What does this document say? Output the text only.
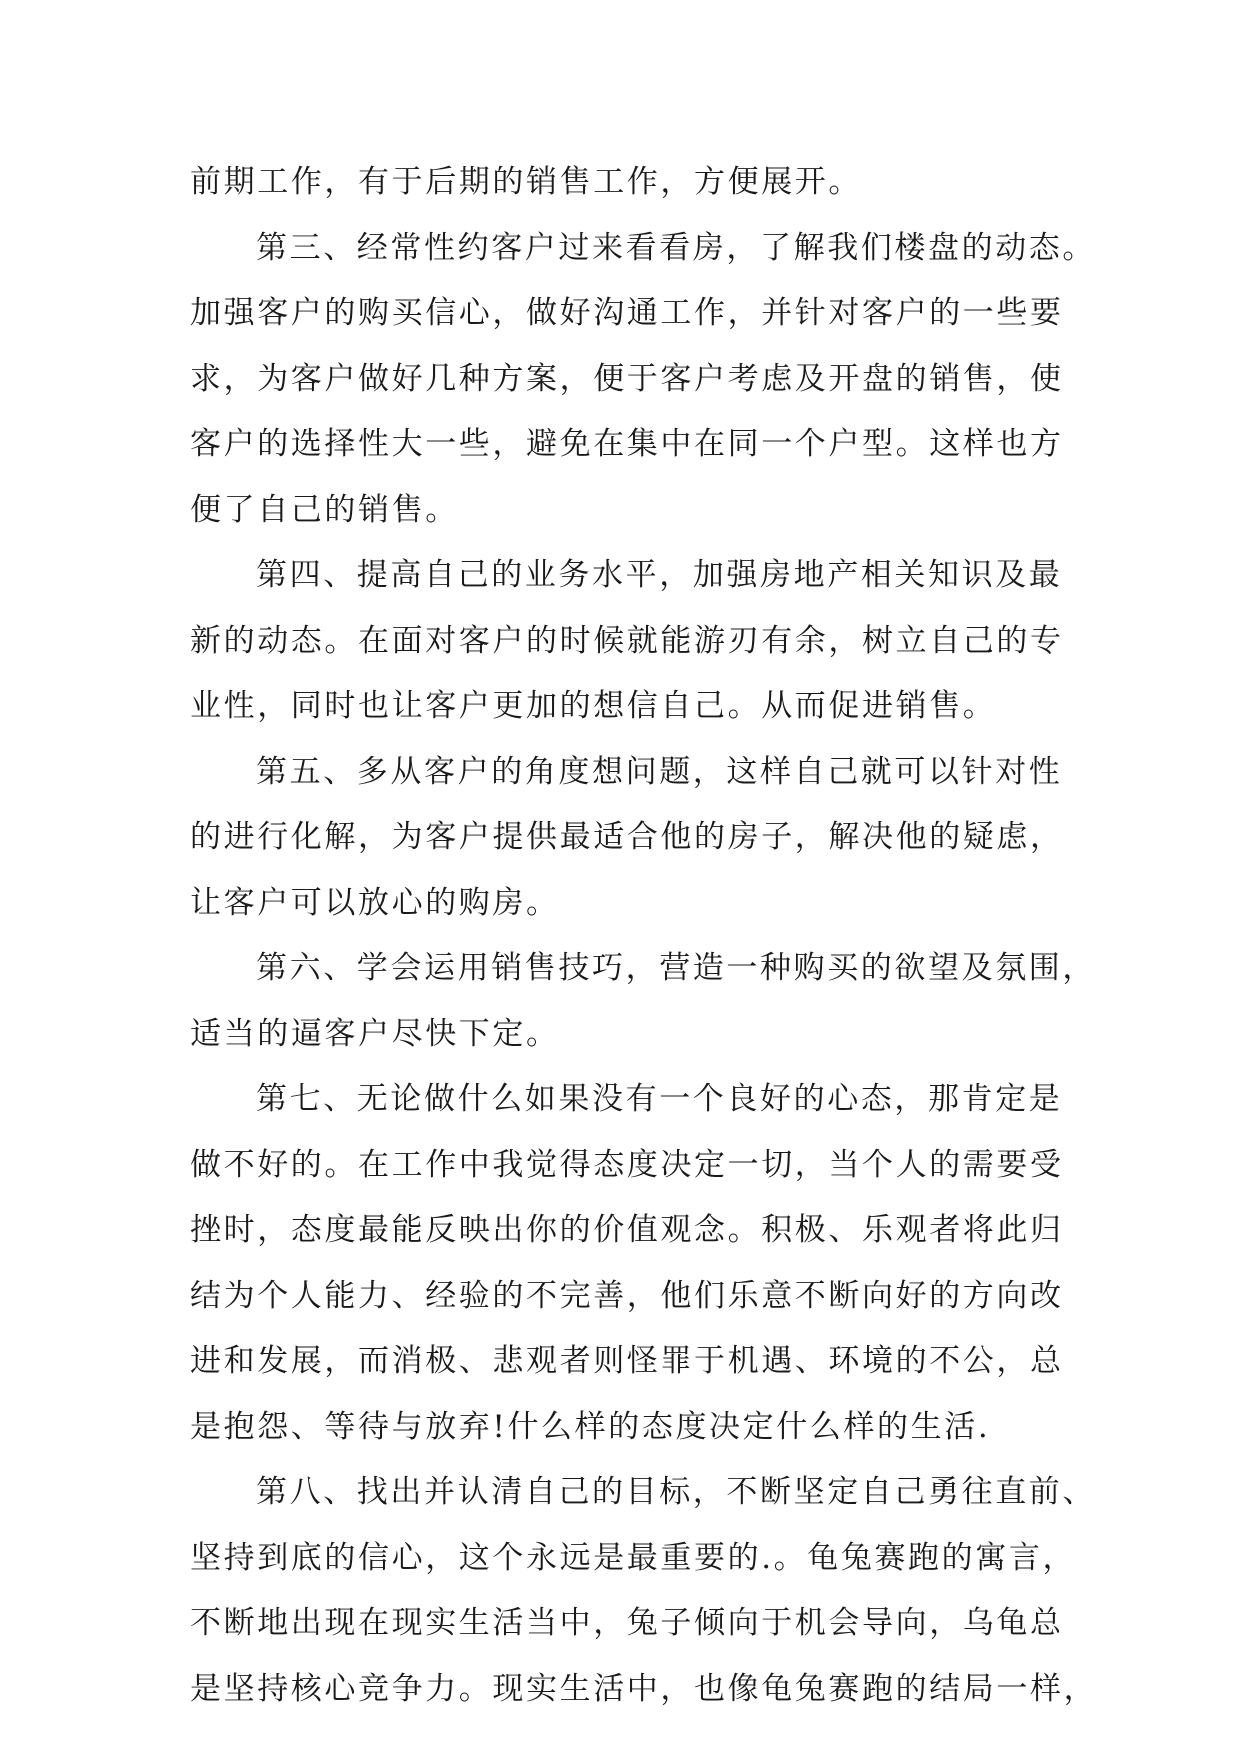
前期工作，有于后期的销售工作，方便展开。
第三、经常性约客户过来看看房，了解我们楼盘的动态。
加强客户的购买信心，做好沟通工作，并针对客户的一些要
求，为客户做好几种方案，便于客户考虑及开盘的销售，使
客户的选择性大一些，避免在集中在同一个户型。这样也方
便了自己的销售。
第四、提高自己的业务水平，加强房地产相关知识及最
新的动态。在面对客户的时候就能游刃有余，树立自己的专
业性，同时也让客户更加的想信自己。从而促进销售。
第五、多从客户的角度想问题，这样自己就可以针对性
的进行化解，为客户提供最适合他的房子，解决他的疑虑，
让客户可以放心的购房。
第六、学会运用销售技巧，营造一种购买的欲望及氛围，
适当的逼客户尽快下定。
第七、无论做什么如果没有一个良好的心态，那肯定是
做不好的。在工作中我觉得态度决定一切，当个人的需要受
挫时，态度最能反映出你的价值观念。积极、乐观者将此归
结为个人能力、经验的不完善，他们乐意不断向好的方向改
进和发展，而消极、悲观者则怪罪于机遇、环境的不公，总
是抱怨、等待与放弃!什么样的态度决定什么样的生活.
第八、找出并认清自己的目标，不断坚定自己勇往直前、
坚持到底的信心，这个永远是最重要的.。龟兔赛跑的寓言，
不断地出现在现实生活当中，兔子倾向于机会导向，乌龟总
是坚持核心竞争力。现实生活中，也像龟兔赛跑的结局一样，
